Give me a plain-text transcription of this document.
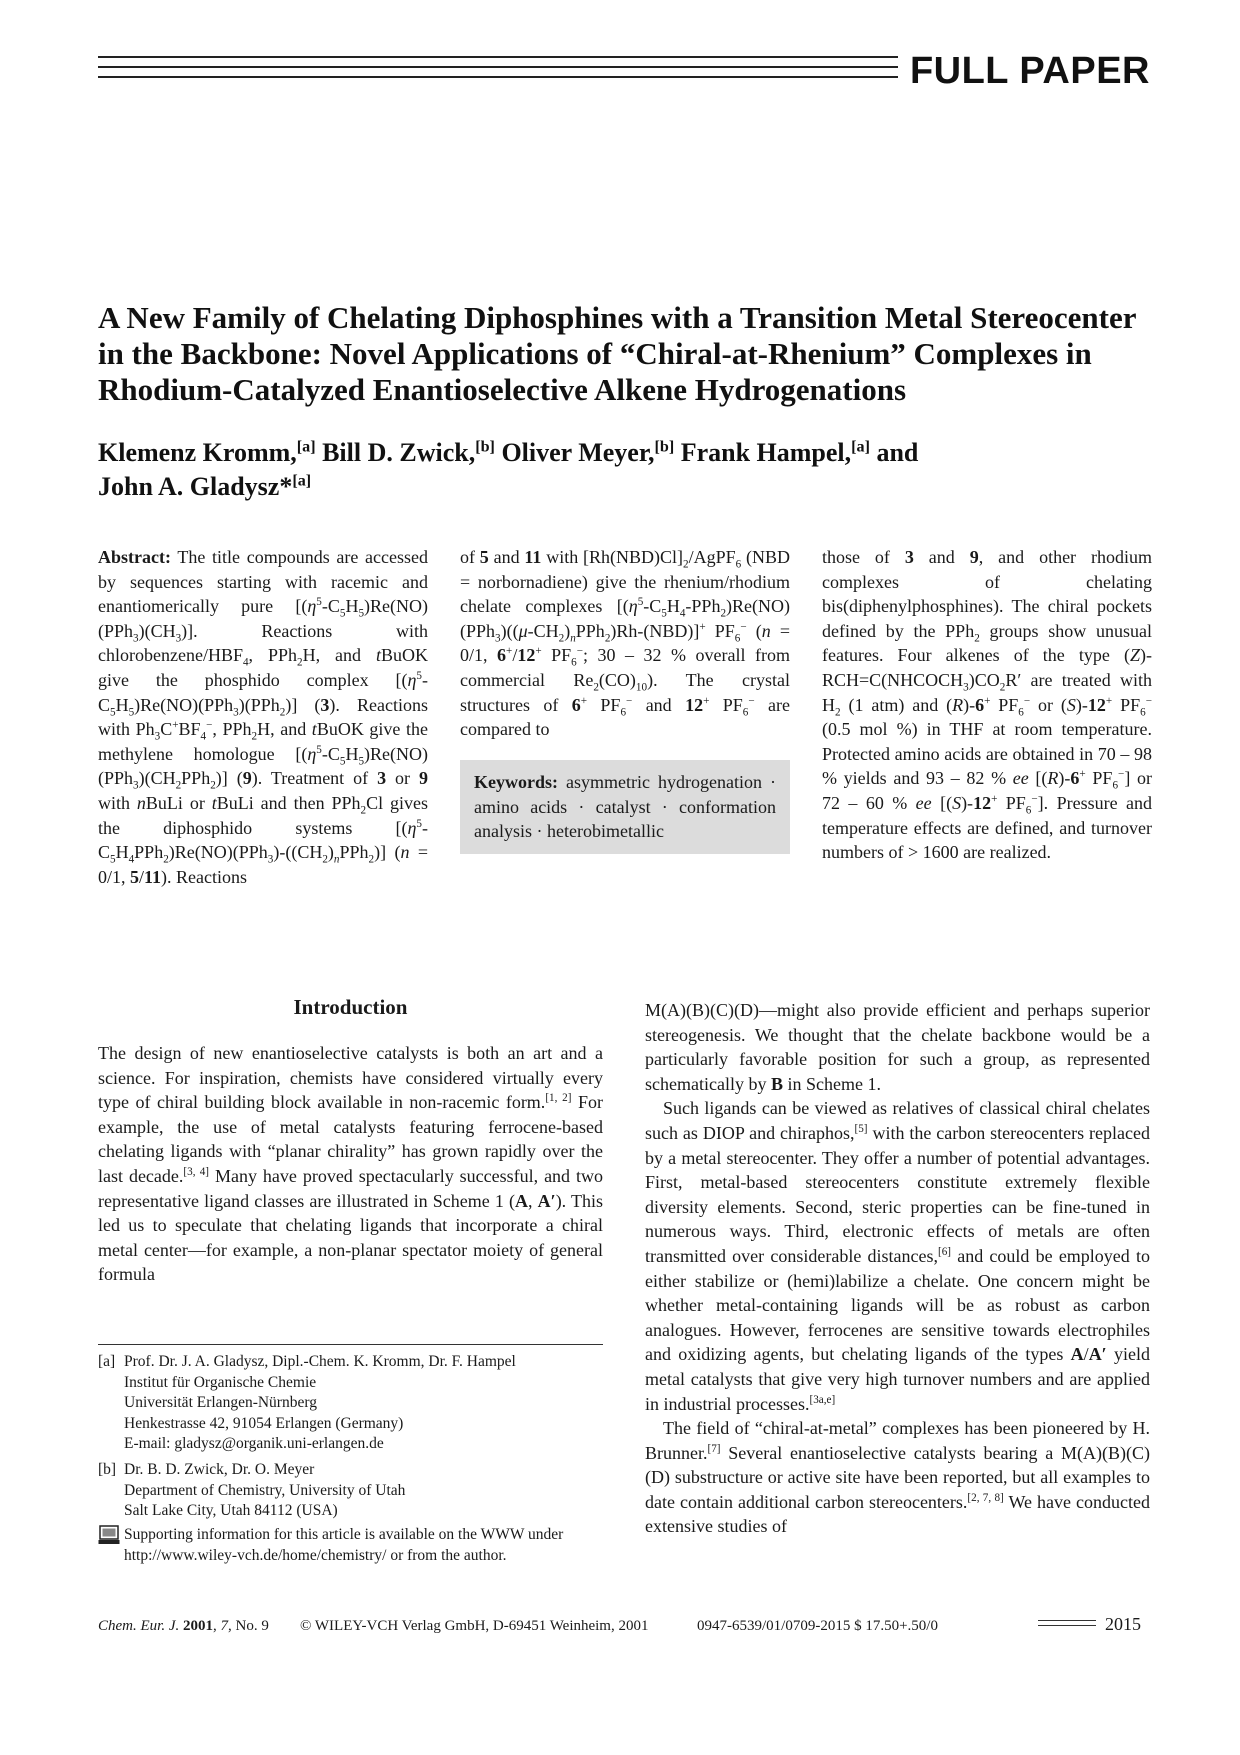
FULL PAPER
A New Family of Chelating Diphosphines with a Transition Metal Stereocenter in the Backbone: Novel Applications of “Chiral-at-Rhenium” Complexes in Rhodium-Catalyzed Enantioselective Alkene Hydrogenations
Klemenz Kromm,[a] Bill D. Zwick,[b] Oliver Meyer,[b] Frank Hampel,[a] and
John A. Gladysz*[a]

Abstract: The title compounds are accessed by sequences starting with racemic and enantiomerically pure $[(\eta^5-C_5H_5)Re(NO)(PPh_3)(CH_3)]$. Reactions with chlorobenzene/$HBF_4$, PPh$_2$H, and tBuOK give the phosphido complex $[(\eta^5-C_5H_5)Re(NO)(PPh_3)(PPh_2)]$ (3). Reactions with $Ph_3C^+BF_4^-$, PPh$_2$H, and tBuOK give the methylene homologue $[(\eta^5-C_5H_5)Re(NO)(PPh_3)(CH_2PPh_2)]$ (9). Treatment of 3 or 9 with nBuLi or tBuLi and then PPh$_2$Cl gives the diphosphido systems $[(\eta^5-C_5H_4PPh_2)Re(NO)(PPh_3)-((CH_2)_nPPh_2)] (n = 0/1$, 5/11). Reactions

of 5 and 11 with $[Rh(NBD)Cl]_2/AgPF_6$ (NBD = norbornadiene) give the rhenium/rhodium chelate complexes $[(\eta^5-C_5H_4-PPh_2)Re(NO)(PPh_3)((\mu-CH_2)_nPPh_2)Rh-(NBD)]^+$ $PF_6^-$ (n = 0/1, 6+/12+ $PF_6^-$; 30 – 32 % overall from commercial $Re_2(CO)_{10}$). The crystal structures of 6+ $PF_6^-$ and 12+ $PF_6^-$ are compared to

Keywords: asymmetric hydrogenation · amino acids · catalyst · conformation analysis · heterobimetallic

those of 3 and 9, and other rhodium complexes of chelating bis(diphenylphosphines). The chiral pockets defined by the PPh$_2$ groups show unusual features. Four alkenes of the type $(Z)-RCH=C(NHCOCH_3)CO_2R'$ are treated with $H_2$ (1 atm) and (R)-6+ $PF_6^-$ or (S)-12+ $PF_6^-$ (0.5 mol %) in THF at room temperature. Protected amino acids are obtained in 70 – 98 % yields and 93 – 82 % ee [(R)-6+ $PF_6^-$] or 72 – 60 % ee [(S)-12+ $PF_6^-$]. Pressure and temperature effects are defined, and turnover numbers of > 1600 are realized.

Introduction

The design of new enantioselective catalysts is both an art and a science. For inspiration, chemists have considered virtually every type of chiral building block available in non-racemic form.[1, 2] For example, the use of metal catalysts featuring ferrocene-based chelating ligands with “planar chirality” has grown rapidly over the last decade.[3, 4] Many have proved spectacularly successful, and two representative ligand classes are illustrated in Scheme 1 (A, A′). This led us to speculate that chelating ligands that incorporate a chiral metal center—for example, a non-planar spectator moiety of general formula

[a] Prof. Dr. J. A. Gladysz, Dipl.-Chem. K. Kromm, Dr. F. Hampel
Institut für Organische Chemie
Universität Erlangen-Nürnberg
Henkestrasse 42, 91054 Erlangen (Germany)
E-mail: gladysz@organik.uni-erlangen.de
[b] Dr. B. D. Zwick, Dr. O. Meyer
Department of Chemistry, University of Utah
Salt Lake City, Utah 84112 (USA)
Supporting information for this article is available on the WWW under
http://www.wiley-vch.de/home/chemistry/ or from the author.

M(A)(B)(C)(D)—might also provide efficient and perhaps superior stereogenesis. We thought that the chelate backbone would be a particularly favorable position for such a group, as represented schematically by B in Scheme 1.

Such ligands can be viewed as relatives of classical chiral chelates such as DIOP and chiraphos,[5] with the carbon stereocenters replaced by a metal stereocenter. They offer a number of potential advantages. First, metal-based stereocenters constitute extremely flexible diversity elements. Second, steric properties can be fine-tuned in numerous ways. Third, electronic effects of metals are often transmitted over considerable distances,[6] and could be employed to either stabilize or (hemi)labilize a chelate. One concern might be whether metal-containing ligands will be as robust as carbon analogues. However, ferrocenes are sensitive towards electrophiles and oxidizing agents, but chelating ligands of the types A/A′ yield metal catalysts that give very high turnover numbers and are applied in industrial processes.[3a,e]

The field of “chiral-at-metal” complexes has been pioneered by H. Brunner.[7] Several enantioselective catalysts bearing a M(A)(B)(C)(D) substructure or active site have been reported, but all examples to date contain additional carbon stereocenters.[2, 7, 8] We have conducted extensive studies of

Chem. Eur. J. 2001, 7, No. 9 © WILEY-VCH Verlag GmbH, D-69451 Weinheim, 2001	0947-6539/01/0709-2015 $ 17.50+.50/0	2015
